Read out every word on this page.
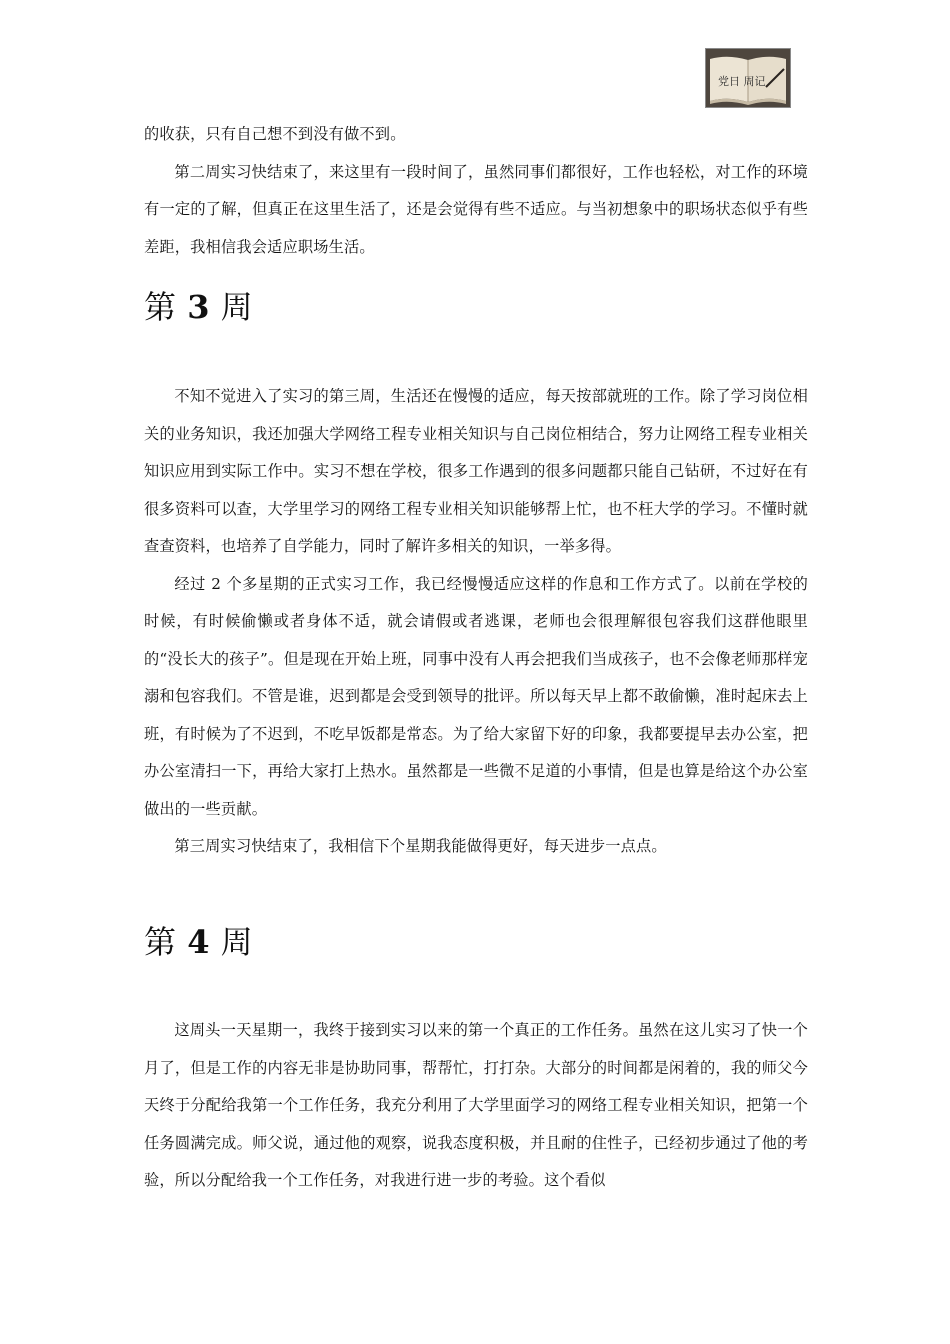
党日 周记

的收获，只有自己想不到没有做不到。

第二周实习快结束了，来这里有一段时间了，虽然同事们都很好，工作也轻松，对工作的环境有一定的了解，但真正在这里生活了，还是会觉得有些不适应。与当初想象中的职场状态似乎有些差距，我相信我会适应职场生活。

第 3 周

不知不觉进入了实习的第三周，生活还在慢慢的适应，每天按部就班的工作。除了学习岗位相关的业务知识，我还加强大学网络工程专业相关知识与自己岗位相结合，努力让网络工程专业相关知识应用到实际工作中。实习不想在学校，很多工作遇到的很多问题都只能自己钻研，不过好在有很多资料可以查，大学里学习的网络工程专业相关知识能够帮上忙，也不枉大学的学习。不懂时就查查资料，也培养了自学能力，同时了解许多相关的知识，一举多得。

经过 2 个多星期的正式实习工作，我已经慢慢适应这样的作息和工作方式了。以前在学校的时候，有时候偷懒或者身体不适，就会请假或者逃课，老师也会很理解很包容我们这群他眼里的“没长大的孩子”。但是现在开始上班，同事中没有人再会把我们当成孩子，也不会像老师那样宠溺和包容我们。不管是谁，迟到都是会受到领导的批评。所以每天早上都不敢偷懒，准时起床去上班，有时候为了不迟到，不吃早饭都是常态。为了给大家留下好的印象，我都要提早去办公室，把办公室清扫一下，再给大家打上热水。虽然都是一些微不足道的小事情，但是也算是给这个办公室做出的一些贡献。

第三周实习快结束了，我相信下个星期我能做得更好，每天进步一点点。

第 4 周

这周头一天星期一，我终于接到实习以来的第一个真正的工作任务。虽然在这儿实习了快一个月了，但是工作的内容无非是协助同事，帮帮忙，打打杂。大部分的时间都是闲着的，我的师父今天终于分配给我第一个工作任务，我充分利用了大学里面学习的网络工程专业相关知识，把第一个任务圆满完成。师父说，通过他的观察，说我态度积极，并且耐的住性子，已经初步通过了他的考验，所以分配给我一个工作任务，对我进行进一步的考验。这个看似
